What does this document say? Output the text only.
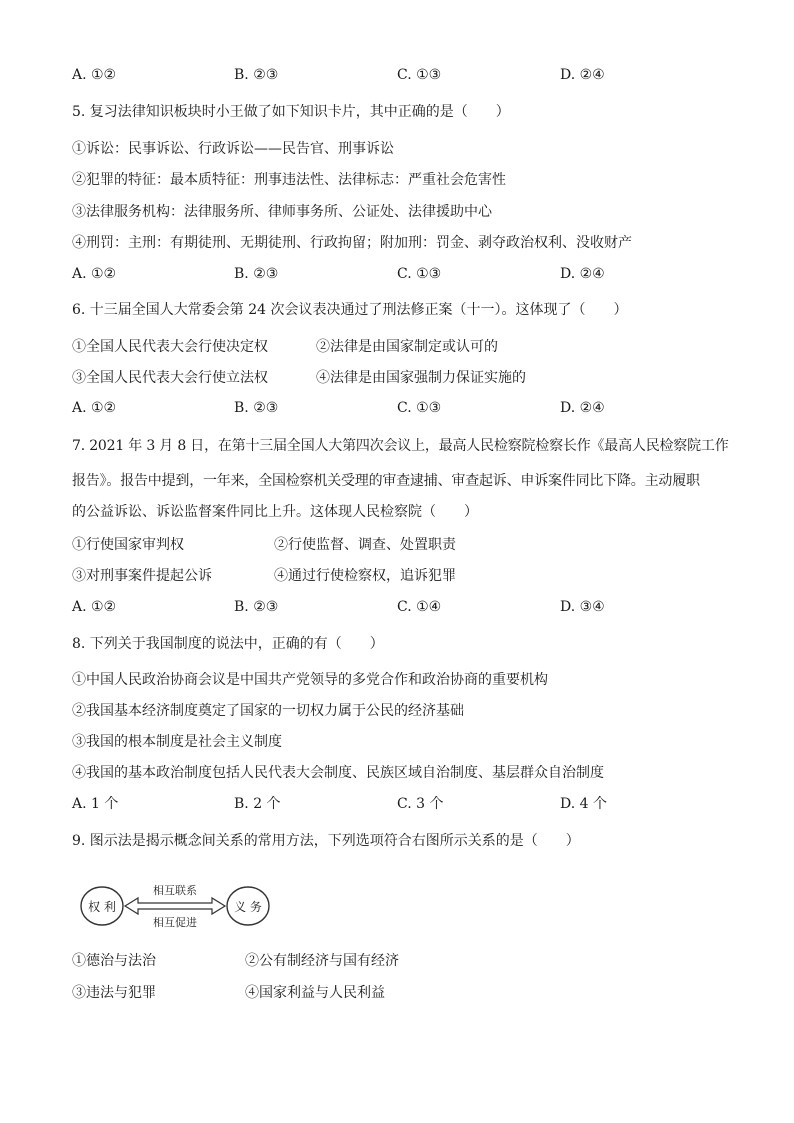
A. ①②	B. ②③	C. ①③	D. ②④
5. 复习法律知识板块时小王做了如下知识卡片，其中正确的是（　　）
①诉讼：民事诉讼、行政诉讼——民告官、刑事诉讼
②犯罪的特征：最本质特征：刑事违法性、法律标志：严重社会危害性
③法律服务机构：法律服务所、律师事务所、公证处、法律援助中心
④刑罚：主刑：有期徒刑、无期徒刑、行政拘留；附加刑：罚金、剥夺政治权利、没收财产
A. ①②	B. ②③	C. ①③	D. ②④
6. 十三届全国人大常委会第 24 次会议表决通过了刑法修正案（十一）。这体现了（　　）
①全国人民代表大会行使决定权	②法律是由国家制定或认可的
③全国人民代表大会行使立法权	④法律是由国家强制力保证实施的
A. ①②	B. ②③	C. ①③	D. ②④
7. 2021 年 3 月 8 日，在第十三届全国人大第四次会议上，最高人民检察院检察长作《最高人民检察院工作
报告》。报告中提到，一年来，全国检察机关受理的审查逮捕、审查起诉、申诉案件同比下降。主动履职
的公益诉讼、诉讼监督案件同比上升。这体现人民检察院（　　）
①行使国家审判权	②行使监督、调查、处置职责
③对刑事案件提起公诉	④通过行使检察权，追诉犯罪
A. ①②	B. ②③	C. ①④	D. ③④
8. 下列关于我国制度的说法中，正确的有（　　）
①中国人民政治协商会议是中国共产党领导的多党合作和政治协商的重要机构
②我国基本经济制度奠定了国家的一切权力属于公民的经济基础
③我国的根本制度是社会主义制度
④我国的基本政治制度包括人民代表大会制度、民族区域自治制度、基层群众自治制度
A. 1 个	B. 2 个	C. 3 个	D. 4 个
9. 图示法是揭示概念间关系的常用方法，下列选项符合右图所示关系的是（　　）
权 利	义 务
相互联系
相互促进
①德治与法治	②公有制经济与国有经济
③违法与犯罪	④国家利益与人民利益
